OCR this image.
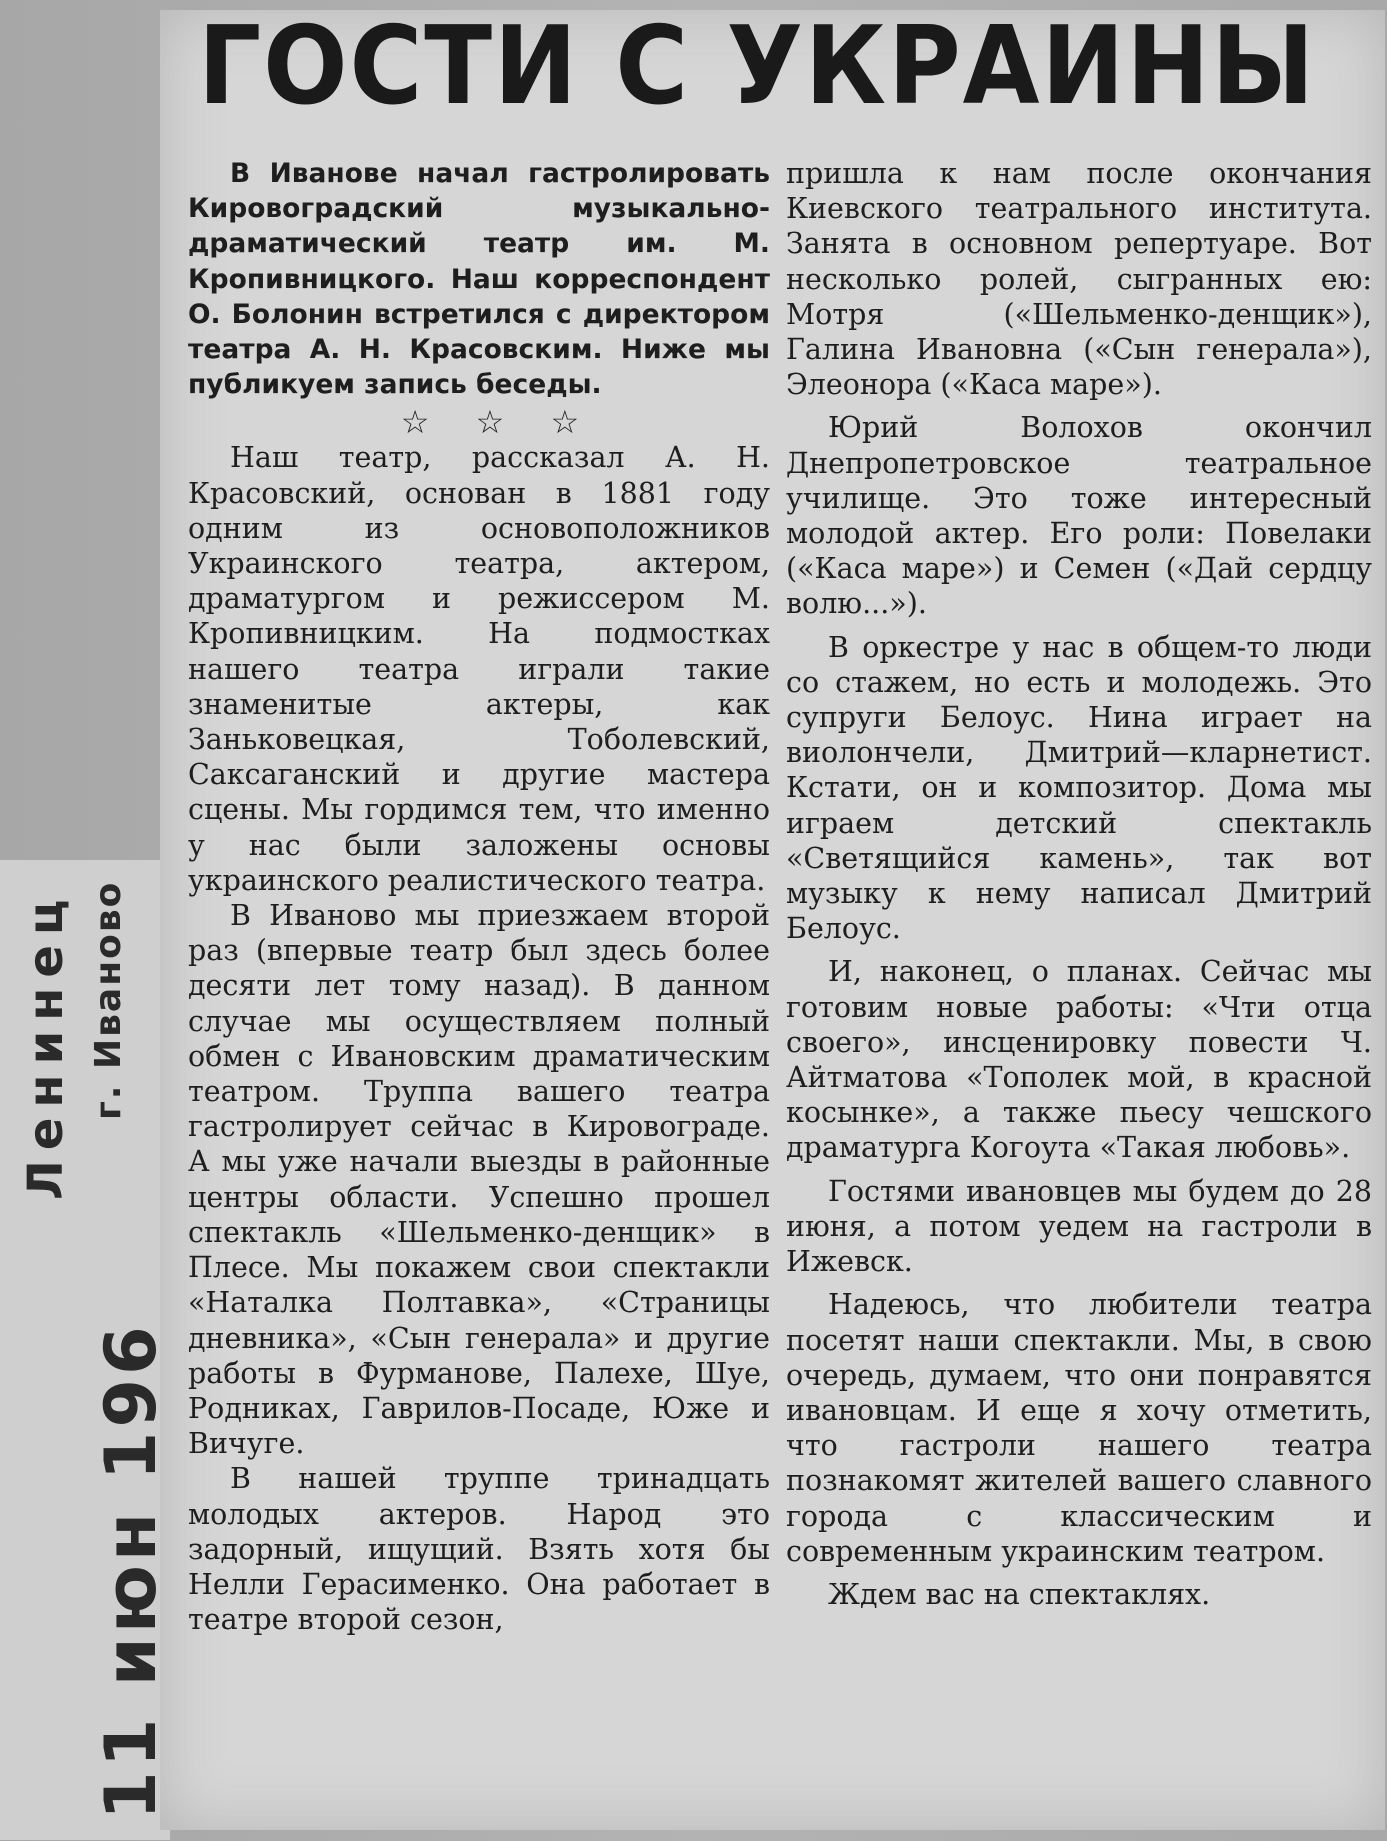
ГОСТИ С УКРАИНЫ

В Иванове начал гастролировать Кировоградский музыкально-драматический театр им. М. Кропивницкого. Наш корреспондент О. Болонин встретился с директором театра А. Н. Красовским. Ниже мы публикуем запись беседы.

☆ ☆ ☆

Наш театр, рассказал А. Н. Красовский, основан в 1881 году одним из основоположников Украинского театра, актером, драматургом и режиссером М. Кропивницким. На подмостках нашего театра играли такие знаменитые актеры, как Заньковецкая, Тоболевский, Саксаганский и другие мастера сцены. Мы гордимся тем, что именно у нас были заложены основы украинского реалистического театра.

В Иваново мы приезжаем второй раз (впервые театр был здесь более десяти лет тому назад). В данном случае мы осуществляем полный обмен с Ивановским драматическим театром. Труппа вашего театра гастролирует сейчас в Кировограде. А мы уже начали выезды в районные центры области. Успешно прошел спектакль «Шельменко-денщик» в Плесе. Мы покажем свои спектакли «Наталка Полтавка», «Страницы дневника», «Сын генерала» и другие работы в Фурманове, Палехе, Шуе, Родниках, Гаврилов-Посаде, Юже и Вичуге.

В нашей труппе тринадцать молодых актеров. Народ это задорный, ищущий. Взять хотя бы Нелли Герасименко. Она работает в театре второй сезон,

пришла к нам после окончания Киевского театрального института. Занята в основном репертуаре. Вот несколько ролей, сыгранных ею: Мотря («Шельменко-денщик»), Галина Ивановна («Сын генерала»), Элеонора («Каса маре»).

Юрий Волохов окончил Днепропетровское театральное училище. Это тоже интересный молодой актер. Его роли: Повелаки («Каса маре») и Семен («Дай сердцу волю...»).

В оркестре у нас в общем-то люди со стажем, но есть и молодежь. Это супруги Белоус. Нина играет на виолончели, Дмитрий—кларнетист. Кстати, он и композитор. Дома мы играем детский спектакль «Светящийся камень», так вот музыку к нему написал Дмитрий Белоус.

И, наконец, о планах. Сейчас мы готовим новые работы: «Чти отца своего», инсценировку повести Ч. Айтматова «Тополек мой, в красной косынке», а также пьесу чешского драматурга Когоута «Такая любовь».

Гостями ивановцев мы будем до 28 июня, а потом уедем на гастроли в Ижевск.

Надеюсь, что любители театра посетят наши спектакли. Мы, в свою очередь, думаем, что они понравятся ивановцам. И еще я хочу отметить, что гастроли нашего театра познакомят жителей вашего славного города с классическим и современным украинским театром.

Ждем вас на спектаклях.

Ленинец г. Иваново
11 июн 196
